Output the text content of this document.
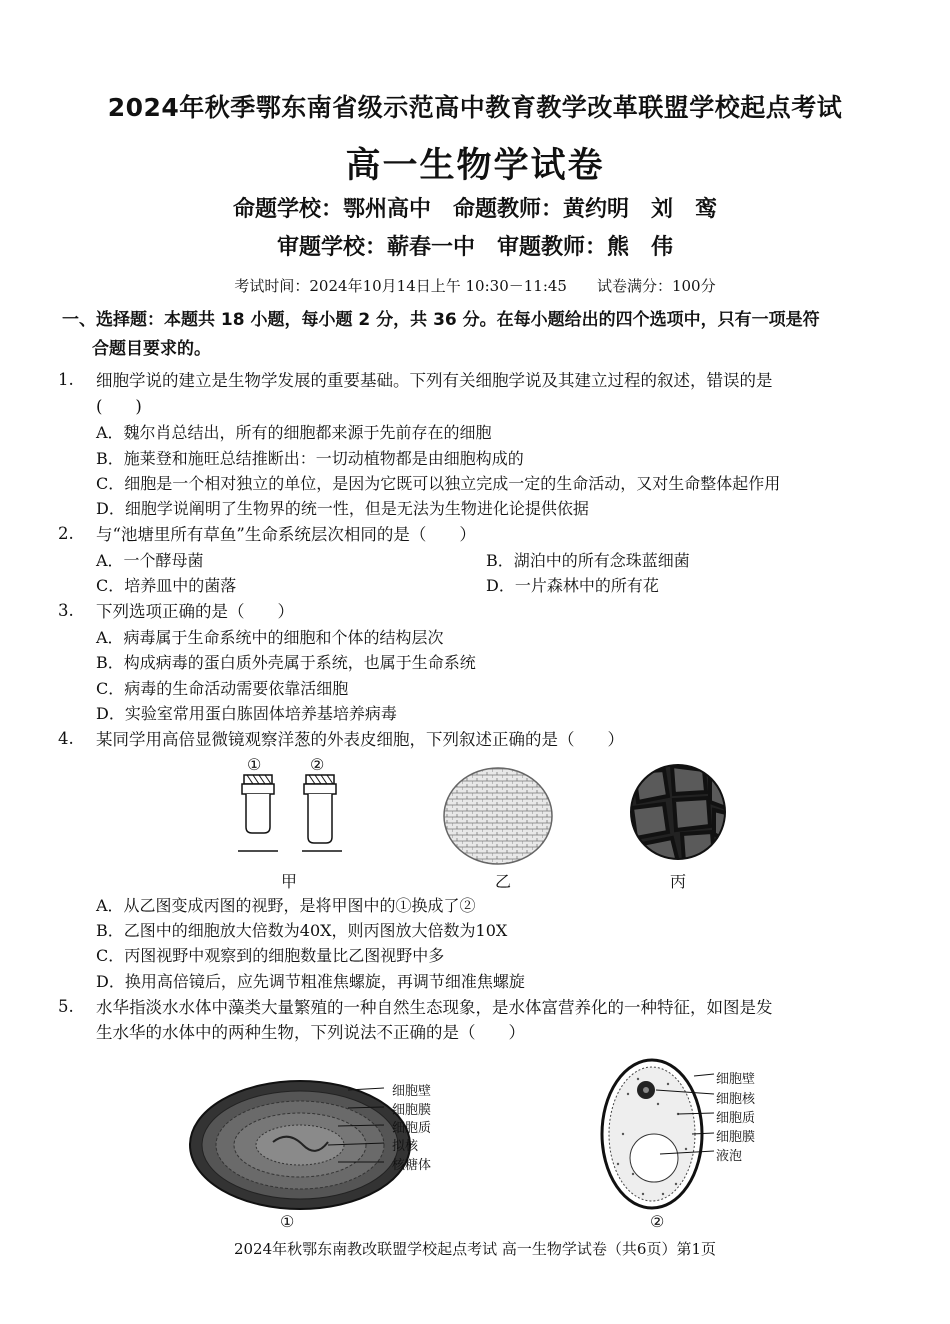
2024年秋季鄂东南省级示范高中教育教学改革联盟学校起点考试
高一生物学试卷
命题学校：鄂州高中　命题教师：黄约明　刘　鸾
审题学校：蕲春一中　审题教师：熊　伟
考试时间：2024年10月14日上午 10:30－11:45　　试卷满分：100分
一、选择题：本题共 18 小题，每小题 2 分，共 36 分。在每小题给出的四个选项中，只有一项是符
合题目要求的。
1. 细胞学说的建立是生物学发展的重要基础。下列有关细胞学说及其建立过程的叙述，错误的是
(　　)
A．魏尔肖总结出，所有的细胞都来源于先前存在的细胞
B．施莱登和施旺总结推断出：一切动植物都是由细胞构成的
C．细胞是一个相对独立的单位，是因为它既可以独立完成一定的生命活动，又对生命整体起作用
D．细胞学说阐明了生物界的统一性，但是无法为生物进化论提供依据
2. 与“池塘里所有草鱼”生命系统层次相同的是（　　）
A．一个酵母菌	B．湖泊中的所有念珠蓝细菌
C．培养皿中的菌落	D．一片森林中的所有花
3. 下列选项正确的是（　　）
A．病毒属于生命系统中的细胞和个体的结构层次
B．构成病毒的蛋白质外壳属于系统，也属于生命系统
C．病毒的生命活动需要依靠活细胞
D．实验室常用蛋白胨固体培养基培养病毒
4. 某同学用高倍显微镜观察洋葱的外表皮细胞，下列叙述正确的是（　　）
①	②
甲	乙	丙
A．从乙图变成丙图的视野，是将甲图中的①换成了②
B．乙图中的细胞放大倍数为40X，则丙图放大倍数为10X
C．丙图视野中观察到的细胞数量比乙图视野中多
D．换用高倍镜后，应先调节粗准焦螺旋，再调节细准焦螺旋
5. 水华指淡水水体中藻类大量繁殖的一种自然生态现象，是水体富营养化的一种特征，如图是发
生水华的水体中的两种生物，下列说法不正确的是（　　）
细胞壁
细胞膜
细胞质
拟核
核糖体
细胞壁
细胞核
细胞质
细胞膜
液泡
①	②
2024年秋鄂东南教改联盟学校起点考试 高一生物学试卷（共6页）第1页
